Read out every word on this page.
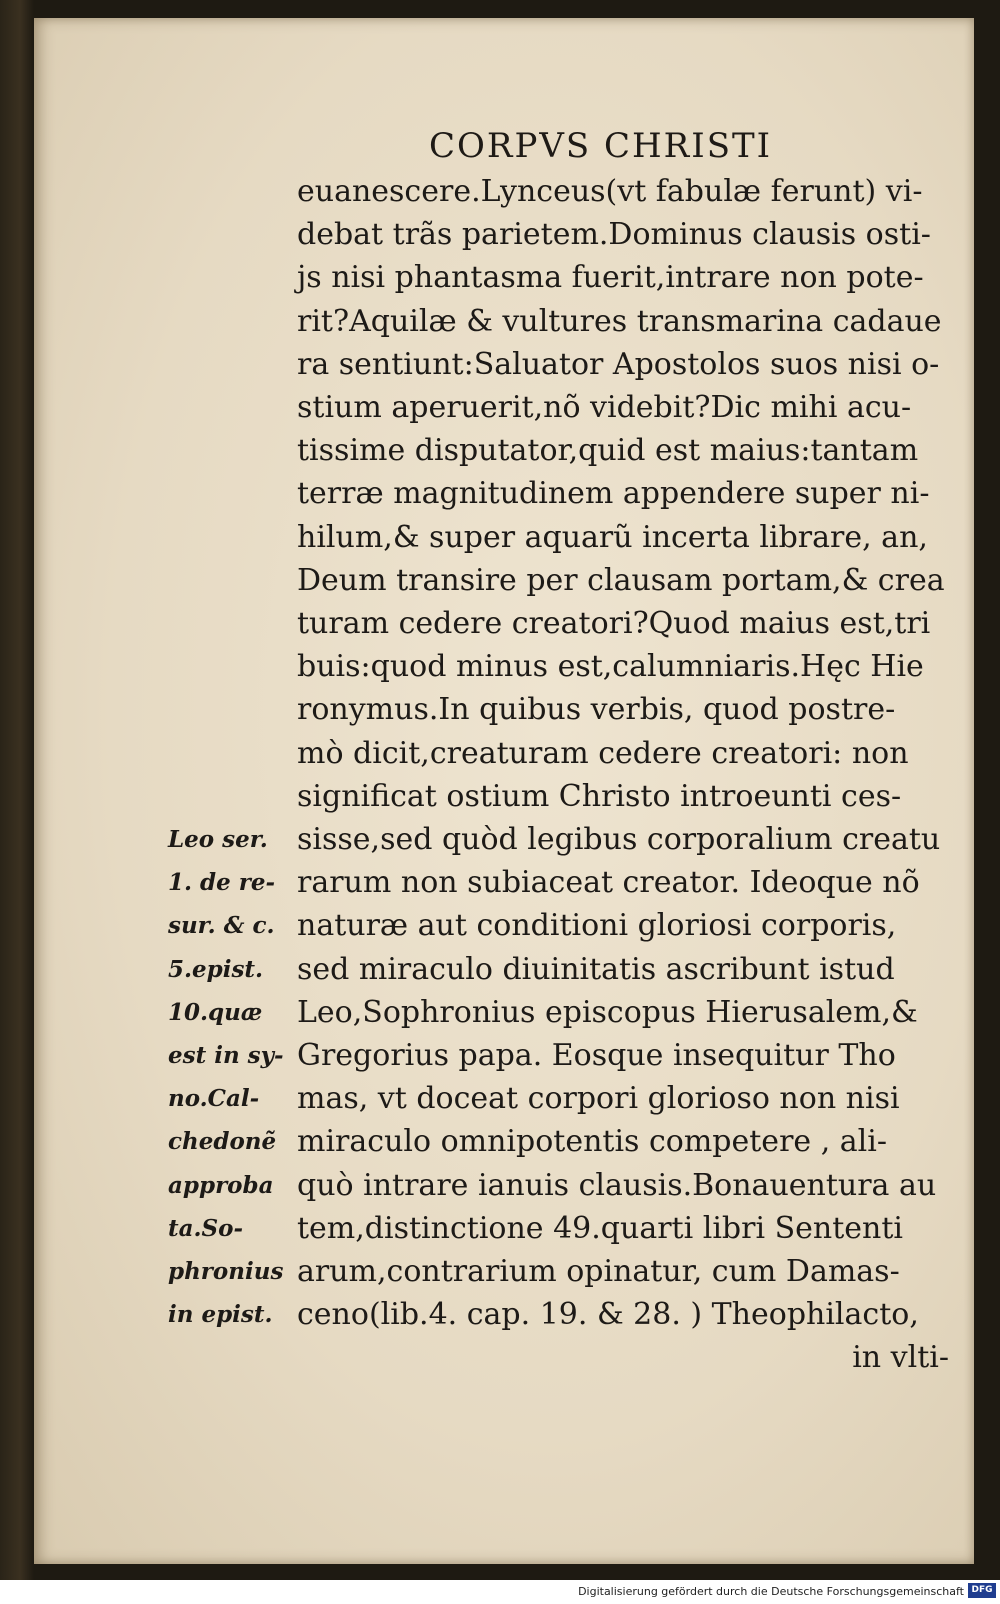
CORPVS CHRISTI
Leo ser.
1. de re-
sur. & c.
5.epist.
10.quæ
est in sy-
no.Cal-
chedonẽ
approba
ta.So-
phronius
in epist.
euanescere.Lynceus(vt fabulæ ferunt) vi-
debat trãs parietem.Dominus clausis osti-
js nisi phantasma fuerit,intrare non pote-
rit?Aquilæ & vultures transmarina cadaue
ra sentiunt:Saluator Apostolos suos nisi o-
stium aperuerit,nõ videbit?Dic mihi acu-
tissime disputator,quid est maius:tantam
terræ magnitudinem appendere super ni-
hilum,& super aquarũ incerta librare, an,
Deum transire per clausam portam,& crea
turam cedere creatori?Quod maius est,tri
buis:quod minus est,calumniaris.Hęc Hie
ronymus.In quibus verbis, quod postre-
mò dicit,creaturam cedere creatori: non
significat ostium Christo introeunti ces-
sisse,sed quòd legibus corporalium creatu
rarum non subiaceat creator. Ideoque nõ
naturæ aut conditioni gloriosi corporis,
sed miraculo diuinitatis ascribunt istud
Leo,Sophronius episcopus Hierusalem,&
Gregorius papa. Eosque insequitur Tho
mas, vt doceat corpori glorioso non nisi
miraculo omnipotentis competere , ali-
quò intrare ianuis clausis.Bonauentura au
tem,distinctione 49.quarti libri Sententi
arum,contrarium opinatur, cum Damas-
ceno(lib.4. cap. 19. & 28. ) Theophilacto,
in vlti-
Digitalisierung gefördert durch die Deutsche Forschungsgemeinschaft DFG
